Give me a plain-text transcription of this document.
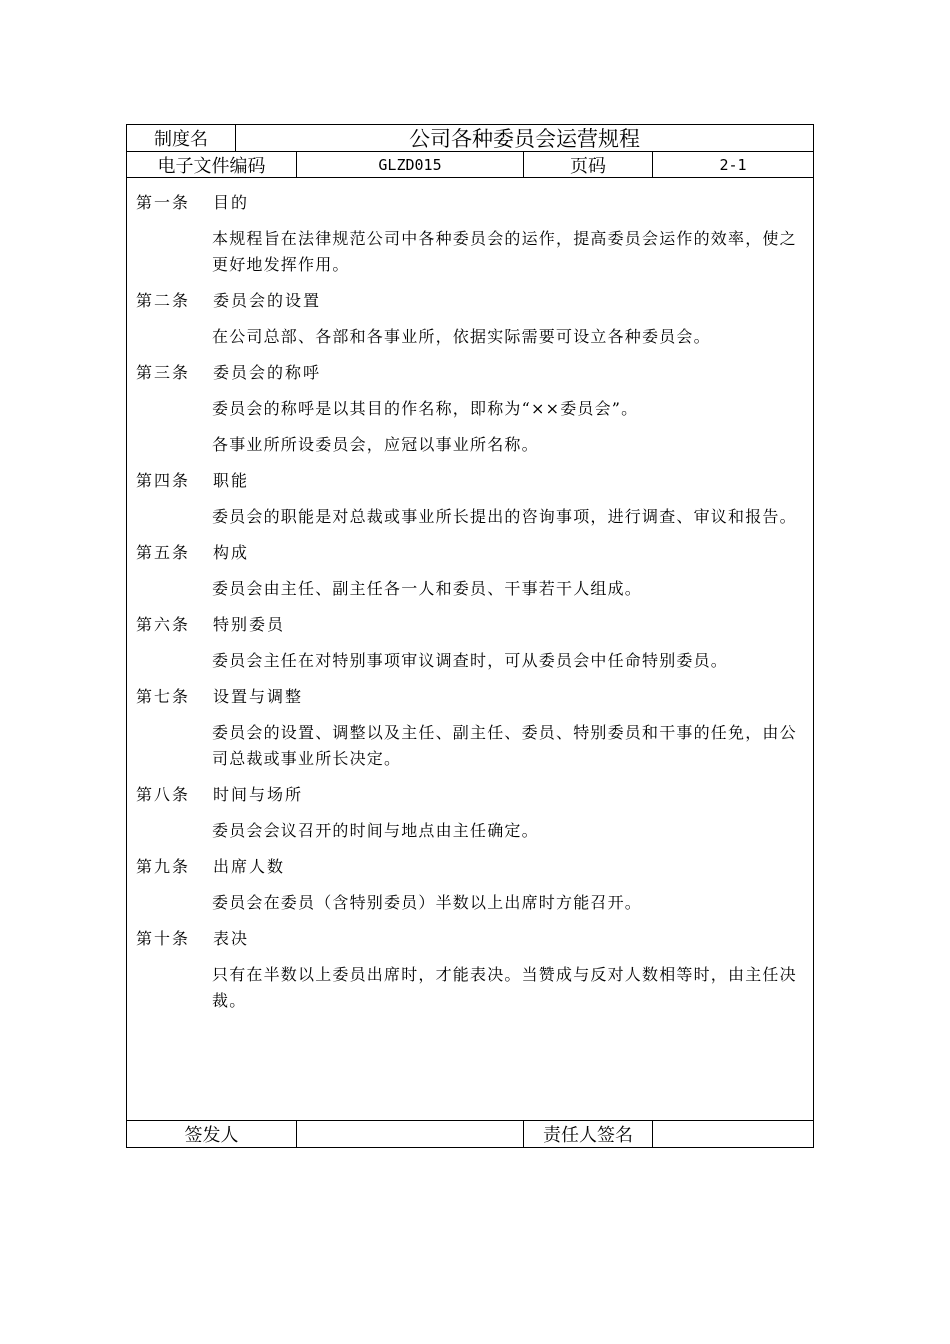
制度名	公司各种委员会运营规程
电子文件编码	GLZD015	页码	2-1
第一条	目的
本规程旨在法律规范公司中各种委员会的运作，提高委员会运作的效率，使之更好地发挥作用。
第二条	委员会的设置
在公司总部、各部和各事业所，依据实际需要可设立各种委员会。
第三条	委员会的称呼
委员会的称呼是以其目的作名称，即称为“××委员会”。
各事业所所设委员会，应冠以事业所名称。
第四条	职能
委员会的职能是对总裁或事业所长提出的咨询事项，进行调查、审议和报告。
第五条	构成
委员会由主任、副主任各一人和委员、干事若干人组成。
第六条	特别委员
委员会主任在对特别事项审议调查时，可从委员会中任命特别委员。
第七条	设置与调整
委员会的设置、调整以及主任、副主任、委员、特别委员和干事的任免，由公司总裁或事业所长决定。
第八条	时间与场所
委员会会议召开的时间与地点由主任确定。
第九条	出席人数
委员会在委员（含特别委员）半数以上出席时方能召开。
第十条	表决
只有在半数以上委员出席时，才能表决。当赞成与反对人数相等时，由主任决裁。
签发人	责任人签名
